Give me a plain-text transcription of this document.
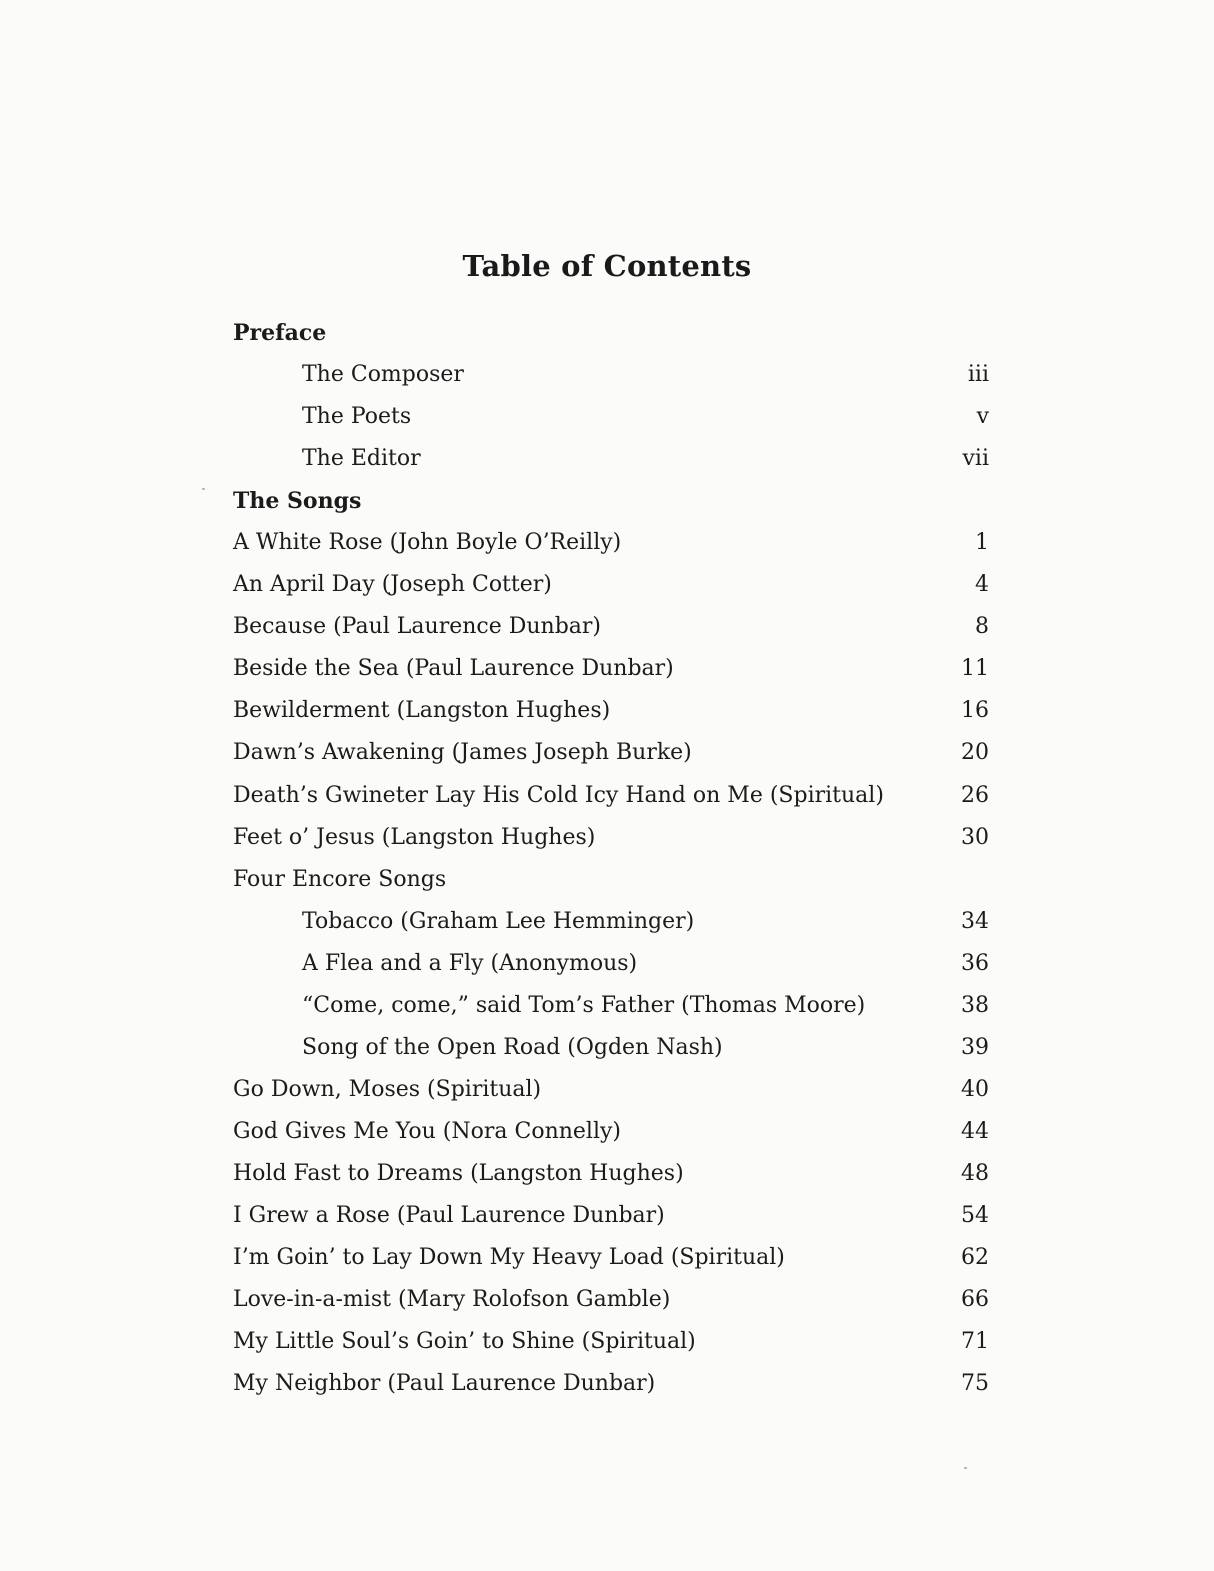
Table of Contents
Preface
The Composer	iii
The Poets	v
The Editor	vii
The Songs
A White Rose (John Boyle O’Reilly)	1
An April Day (Joseph Cotter)	4
Because (Paul Laurence Dunbar)	8
Beside the Sea (Paul Laurence Dunbar)	11
Bewilderment (Langston Hughes)	16
Dawn’s Awakening (James Joseph Burke)	20
Death’s Gwineter Lay His Cold Icy Hand on Me (Spiritual)	26
Feet o’ Jesus (Langston Hughes)	30
Four Encore Songs
Tobacco (Graham Lee Hemminger)	34
A Flea and a Fly (Anonymous)	36
“Come, come,” said Tom’s Father (Thomas Moore)	38
Song of the Open Road (Ogden Nash)	39
Go Down, Moses (Spiritual)	40
God Gives Me You (Nora Connelly)	44
Hold Fast to Dreams (Langston Hughes)	48
I Grew a Rose (Paul Laurence Dunbar)	54
I’m Goin’ to Lay Down My Heavy Load (Spiritual)	62
Love-in-a-mist (Mary Rolofson Gamble)	66
My Little Soul’s Goin’ to Shine (Spiritual)	71
My Neighbor (Paul Laurence Dunbar)	75
